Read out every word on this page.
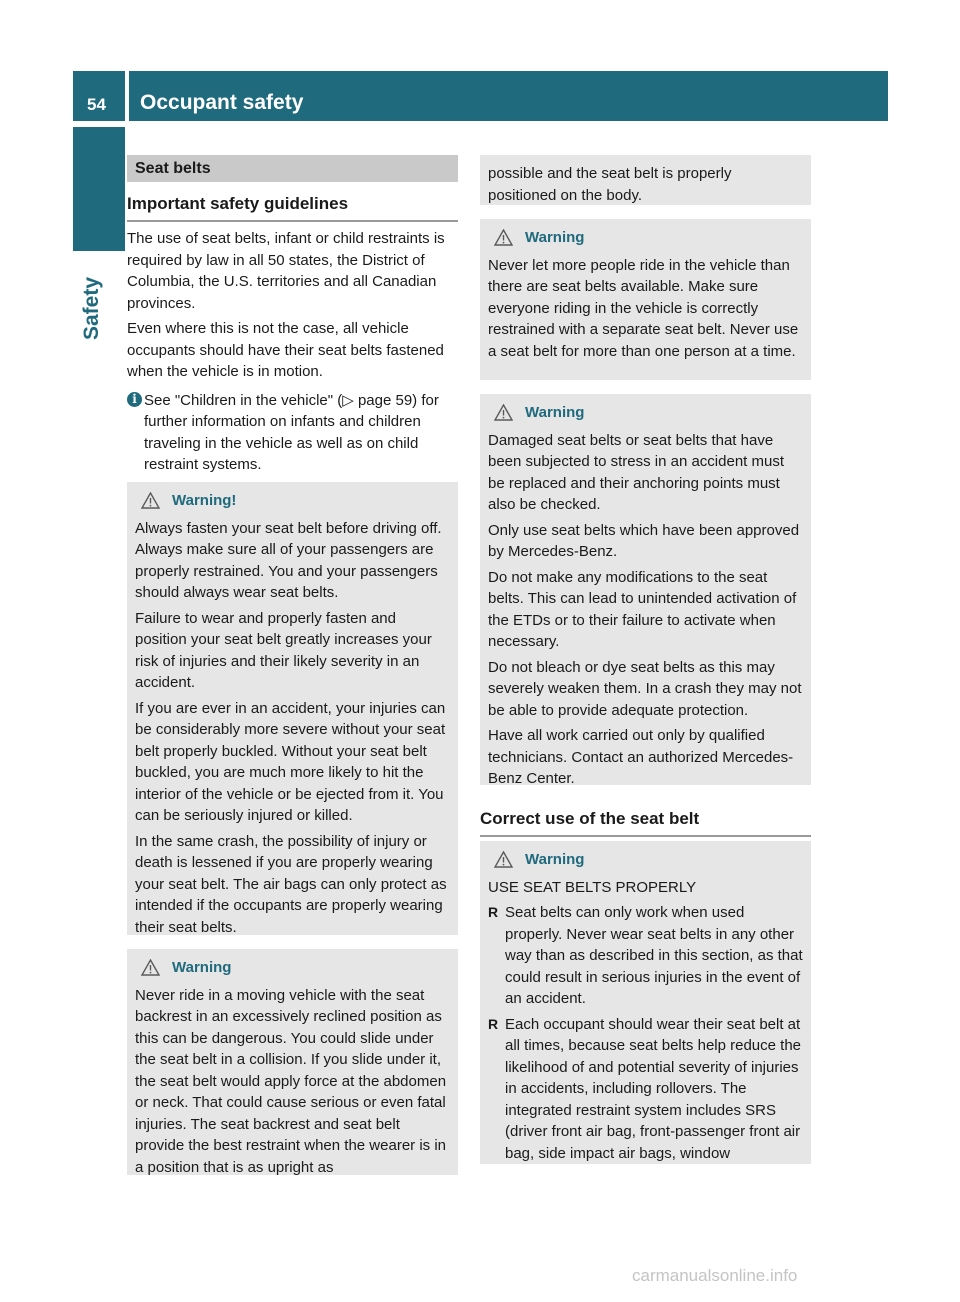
54 Occupant safety
Safety
Seat belts
Important safety guidelines

The use of seat belts, infant or child restraints is required by law in all 50 states, the District of Columbia, the U.S. territories and all Canadian provinces.

Even where this is not the case, all vehicle occupants should have their seat belts fastened when the vehicle is in motion.

i See "Children in the vehicle" (▷ page 59) for further information on infants and children traveling in the vehicle as well as on child restraint systems.
Warning!

Always fasten your seat belt before driving off. Always make sure all of your passengers are properly restrained. You and your passengers should always wear seat belts.

Failure to wear and properly fasten and position your seat belt greatly increases your risk of injuries and their likely severity in an accident.

If you are ever in an accident, your injuries can be considerably more severe without your seat belt properly buckled. Without your seat belt buckled, you are much more likely to hit the interior of the vehicle or be ejected from it. You can be seriously injured or killed.

In the same crash, the possibility of injury or death is lessened if you are properly wearing your seat belt. The air bags can only protect as intended if the occupants are properly wearing their seat belts.

Warning

Never ride in a moving vehicle with the seat backrest in an excessively reclined position as this can be dangerous. You could slide under the seat belt in a collision. If you slide under it, the seat belt would apply force at the abdomen or neck. That could cause serious or even fatal injuries. The seat backrest and seat belt provide the best restraint when the wearer is in a position that is as upright as

possible and the seat belt is properly positioned on the body.

Warning

Never let more people ride in the vehicle than there are seat belts available. Make sure everyone riding in the vehicle is correctly restrained with a separate seat belt. Never use a seat belt for more than one person at a time.

Warning

Damaged seat belts or seat belts that have been subjected to stress in an accident must be replaced and their anchoring points must also be checked.

Only use seat belts which have been approved by Mercedes-Benz.

Do not make any modifications to the seat belts. This can lead to unintended activation of the ETDs or to their failure to activate when necessary.

Do not bleach or dye seat belts as this may severely weaken them. In a crash they may not be able to provide adequate protection.

Have all work carried out only by qualified technicians. Contact an authorized Mercedes-Benz Center.

Correct use of the seat belt
Warning

USE SEAT BELTS PROPERLY

R Seat belts can only work when used properly. Never wear seat belts in any other way than as described in this section, as that could result in serious injuries in the event of an accident.
R Each occupant should wear their seat belt at all times, because seat belts help reduce the likelihood of and potential severity of injuries in accidents, including rollovers. The integrated restraint system includes SRS (driver front air bag, front-passenger front air bag, side impact air bags, window
carmanualsonline.info
